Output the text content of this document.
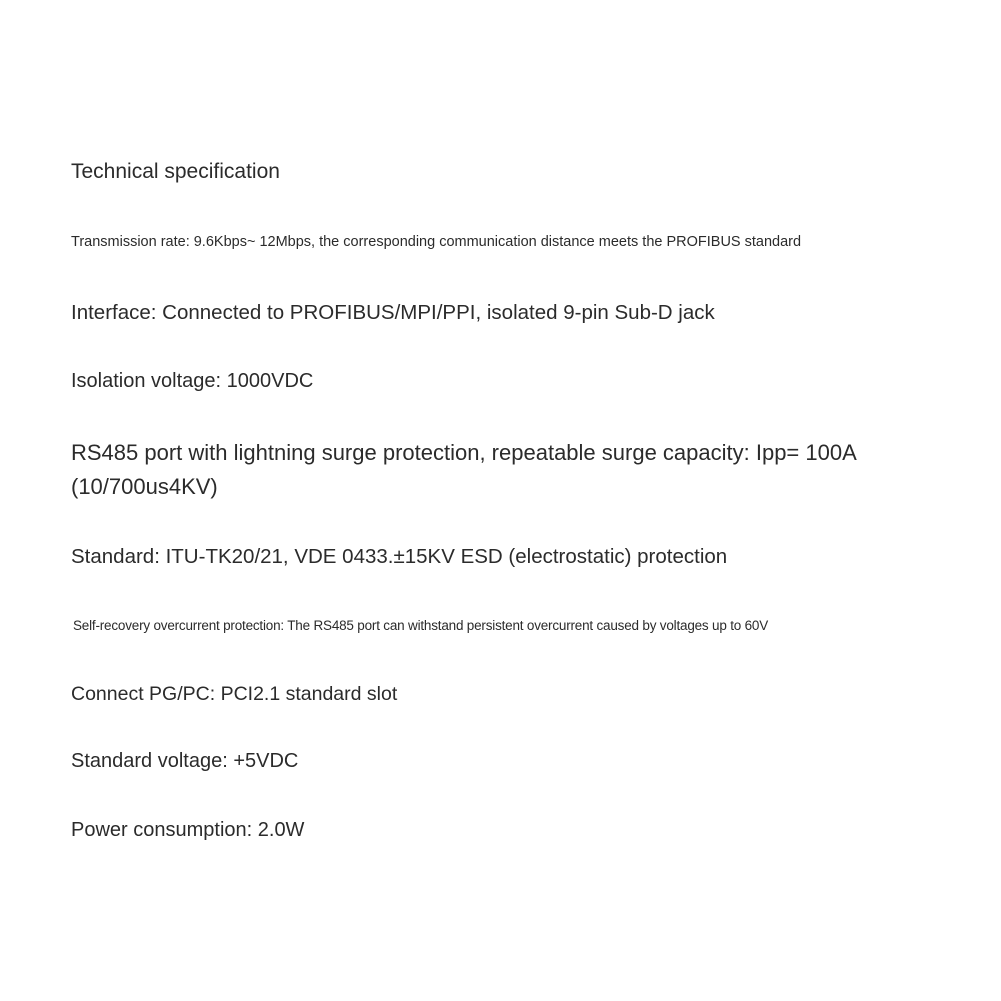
Technical specification
Transmission rate: 9.6Kbps~ 12Mbps, the corresponding communication distance meets the PROFIBUS standard
Interface: Connected to PROFIBUS/MPI/PPI, isolated 9-pin Sub-D jack
Isolation voltage: 1000VDC
RS485 port with lightning surge protection, repeatable surge capacity: Ipp= 100A (10/700us4KV)
Standard: ITU-TK20/21, VDE 0433.±15KV ESD (electrostatic) protection
Self-recovery overcurrent protection: The RS485 port can withstand persistent overcurrent caused by voltages up to 60V
Connect PG/PC: PCI2.1 standard slot
Standard voltage: +5VDC
Power consumption: 2.0W
